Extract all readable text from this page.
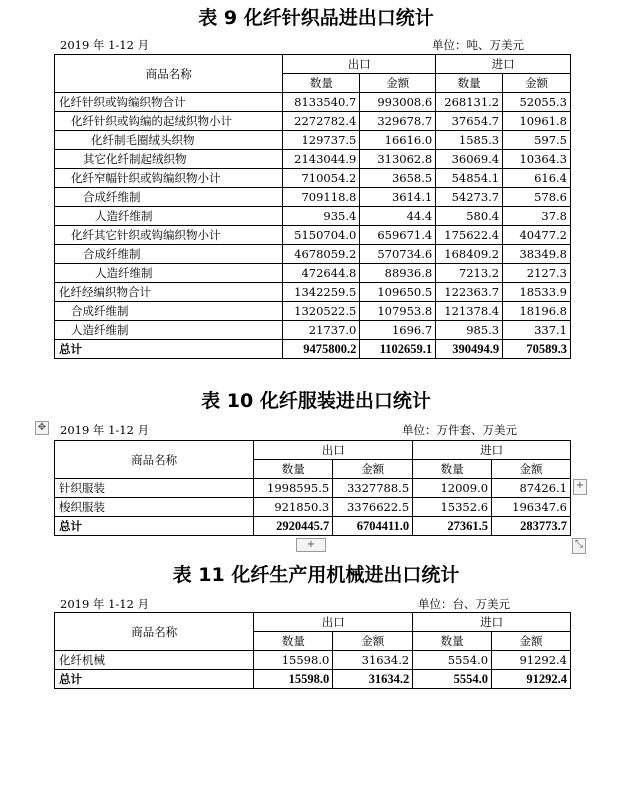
表 9 化纤针织品进出口统计
2019 年 1-12 月	单位：吨、万美元
商品名称	出口		进口	
	数量	金额	数量	金额
化纤针织或钩编织物合计	8133540.7	993008.6	268131.2	52055.3
化纤针织或钩编的起绒织物小计	2272782.4	329678.7	37654.7	10961.8
化纤制毛圈绒头织物	129737.5	16616.0	1585.3	597.5
其它化纤制起绒织物	2143044.9	313062.8	36069.4	10364.3
化纤窄幅针织或钩编织物小计	710054.2	3658.5	54854.1	616.4
合成纤维制	709118.8	3614.1	54273.7	578.6
人造纤维制	935.4	44.4	580.4	37.8
化纤其它针织或钩编织物小计	5150704.0	659671.4	175622.4	40477.2
合成纤维制	4678059.2	570734.6	168409.2	38349.8
人造纤维制	472644.8	88936.8	7213.2	2127.3
化纤经编织物合计	1342259.5	109650.5	122363.7	18533.9
合成纤维制	1320522.5	107953.8	121378.4	18196.8
人造纤维制	21737.0	1696.7	985.3	337.1
总计	9475800.2	1102659.1	390494.9	70589.3
表 10 化纤服装进出口统计
✥ 2019 年 1-12 月	单位：万件套、万美元
商品名称	出口		进口	
	数量	金额	数量	金额
针织服装	1998595.5	3327788.5	12009.0	87426.1
梭织服装	921850.3	3376622.5	15352.6	196347.6
总计	2920445.7	6704411.0	27361.5	283773.7
+
+	⤡
表 11 化纤生产用机械进出口统计
2019 年 1-12 月	单位：台、万美元
商品名称	出口		进口	
	数量	金额	数量	金额
化纤机械	15598.0	31634.2	5554.0	91292.4
总计	15598.0	31634.2	5554.0	91292.4
